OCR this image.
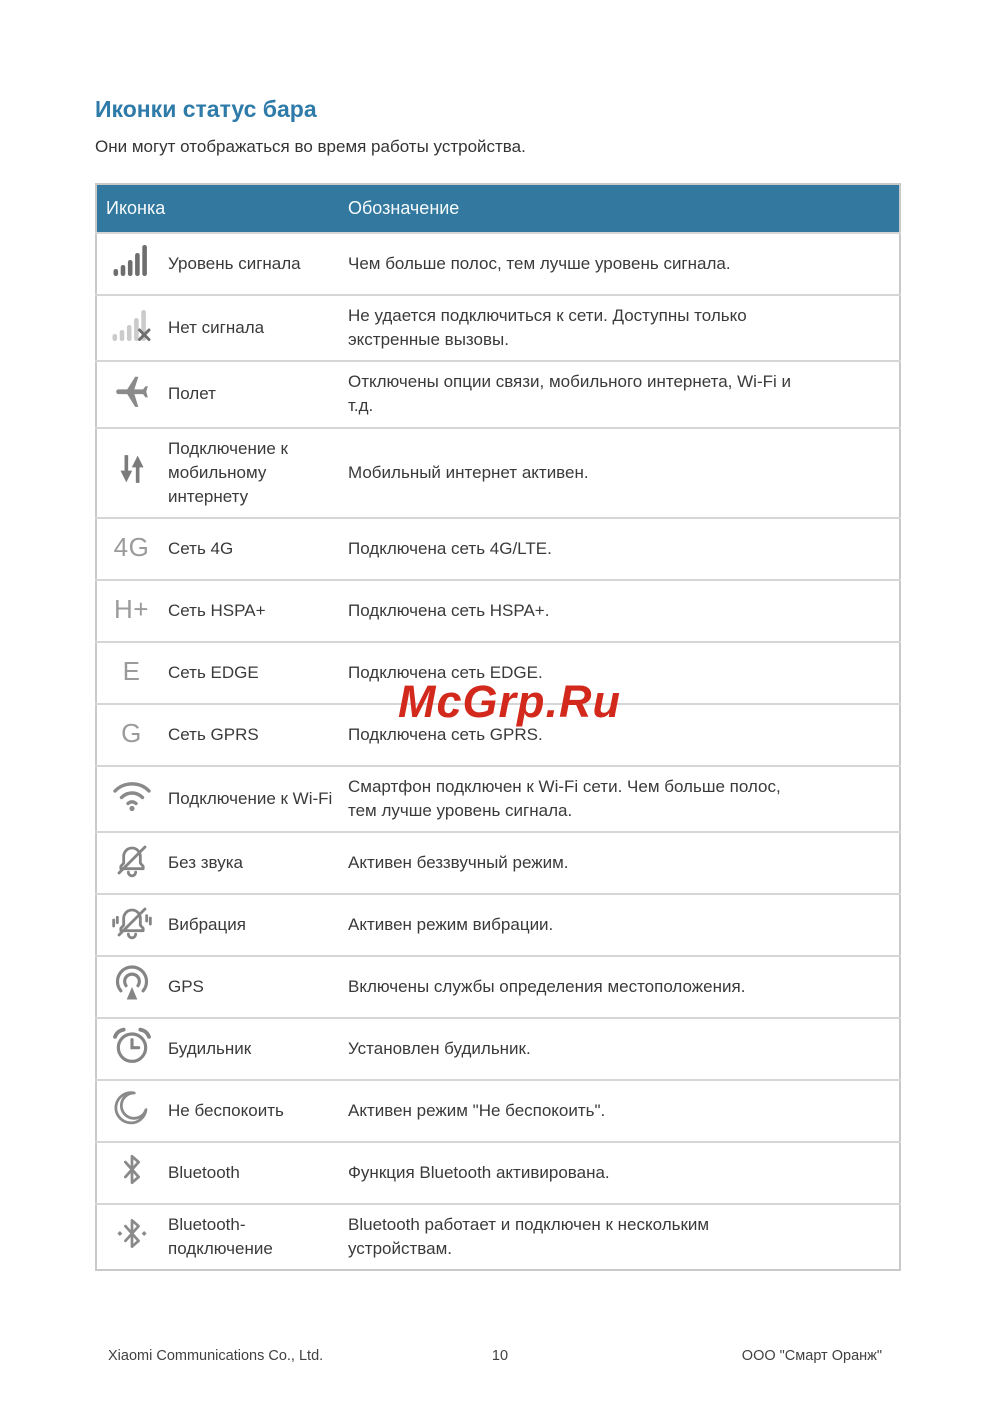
Иконки статус бара

Они могут отображаться во время работы устройства.

Иконка		Обозначение
	Уровень сигнала	Чем больше полос, тем лучше уровень сигнала.

	Нет сигнала	Не удается подключиться к сети. Доступны только экстренные вызовы.

	Полет	Отключены опции связи, мобильного интернета, Wi-Fi и т.д.

	Подключение к мобильному интернету	Мобильный интернет активен.

4G	Сеть 4G	Подключена сеть 4G/LTE.

H+	Сеть HSPA+	Подключена сеть HSPA+.

E	Сеть EDGE	Подключена сеть EDGE.

G	Сеть GPRS	Подключена сеть GPRS.

	Подключение к Wi-Fi	Смартфон подключен к Wi-Fi сети. Чем больше полос, тем лучше уровень сигнала.

	Без звука	Активен беззвучный режим.

	Вибрация	Активен режим вибрации.

	GPS	Включены службы определения местоположения.

	Будильник	Установлен будильник.

	Не беспокоить	Активен режим "Не беспокоить".

	Bluetooth	Функция Bluetooth активирована.

	Bluetooth-подключение	Bluetooth работает и подключен к нескольким устройствам.
McGrp.Ru
Xiaomi Communications Co., Ltd.	10	ООО "Смарт Оранж"
